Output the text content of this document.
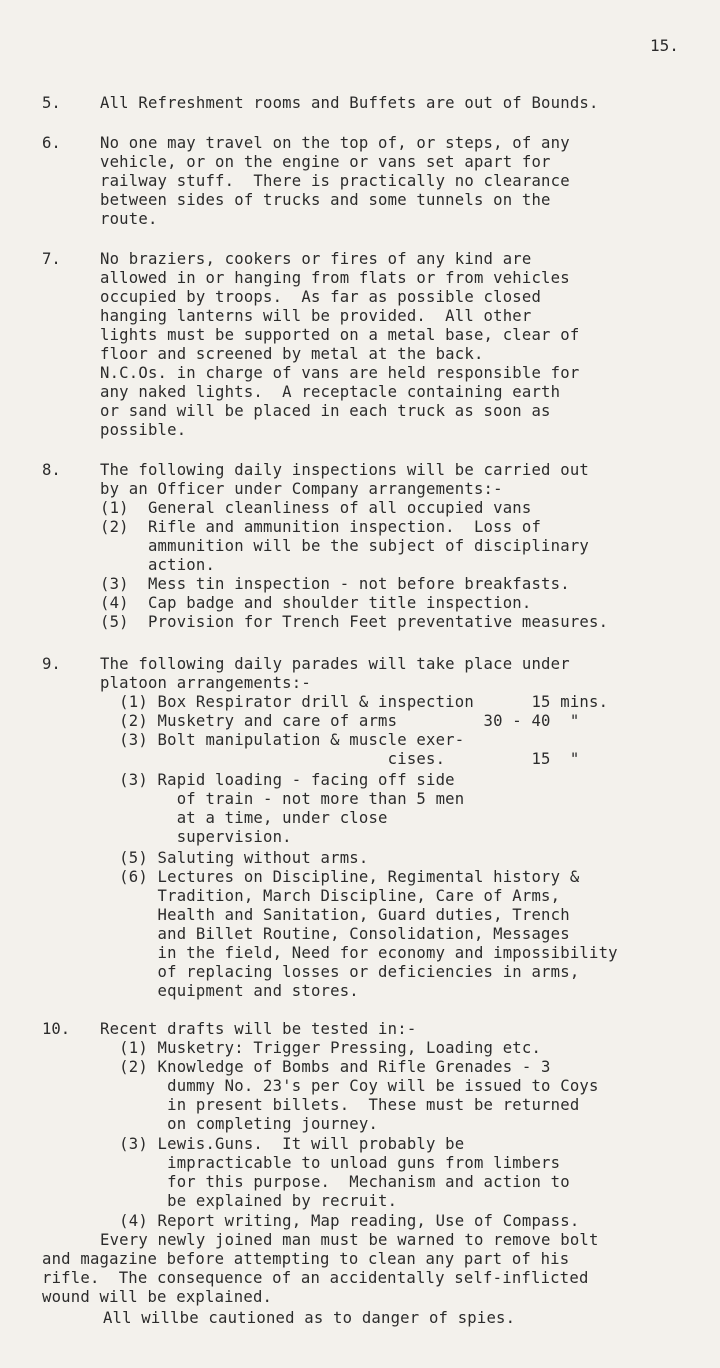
15.
5.	All Refreshment rooms and Buffets are out of Bounds.
6.	No one may travel on the top of, or steps, of any
vehicle, or on the engine or vans set apart for
railway stuff.  There is practically no clearance
between sides of trucks and some tunnels on the
route.
7.	No braziers, cookers or fires of any kind are
allowed in or hanging from flats or from vehicles
occupied by troops.  As far as possible closed
hanging lanterns will be provided.  All other
lights must be supported on a metal base, clear of
floor and screened by metal at the back.
N.C.Os. in charge of vans are held responsible for
any naked lights.  A receptacle containing earth
or sand will be placed in each truck as soon as
possible.
8.	The following daily inspections will be carried out
by an Officer under Company arrangements:-
(1)  General cleanliness of all occupied vans
(2)  Rifle and ammunition inspection.  Loss of
ammunition will be the subject of disciplinary
action.
(3)  Mess tin inspection - not before breakfasts.
(4)  Cap badge and shoulder title inspection.
(5)  Provision for Trench Feet preventative measures.
9.	The following daily parades will take place under
platoon arrangements:-
(1) Box Respirator drill & inspection      15 mins.
(2) Musketry and care of arms         30 - 40  "
(3) Bolt manipulation & muscle exer-
cises.         15  "
(3) Rapid loading - facing off side
of train - not more than 5 men
at a time, under close
supervision.
(5) Saluting without arms.
(6) Lectures on Discipline, Regimental history &
Tradition, March Discipline, Care of Arms,
Health and Sanitation, Guard duties, Trench
and Billet Routine, Consolidation, Messages
in the field, Need for economy and impossibility
of replacing losses or deficiencies in arms,
equipment and stores.
10. Recent drafts will be tested in:-
(1) Musketry: Trigger Pressing, Loading etc.
(2) Knowledge of Bombs and Rifle Grenades - 3
dummy No. 23's per Coy will be issued to Coys
in present billets.  These must be returned
on completing journey.
(3) Lewis.Guns.  It will probably be
impracticable to unload guns from limbers
for this purpose.  Mechanism and action to
be explained by recruit.
(4) Report writing, Map reading, Use of Compass.
Every newly joined man must be warned to remove bolt
and magazine before attempting to clean any part of his
rifle.  The consequence of an accidentally self-inflicted
wound will be explained.
All willbe cautioned as to danger of spies.
